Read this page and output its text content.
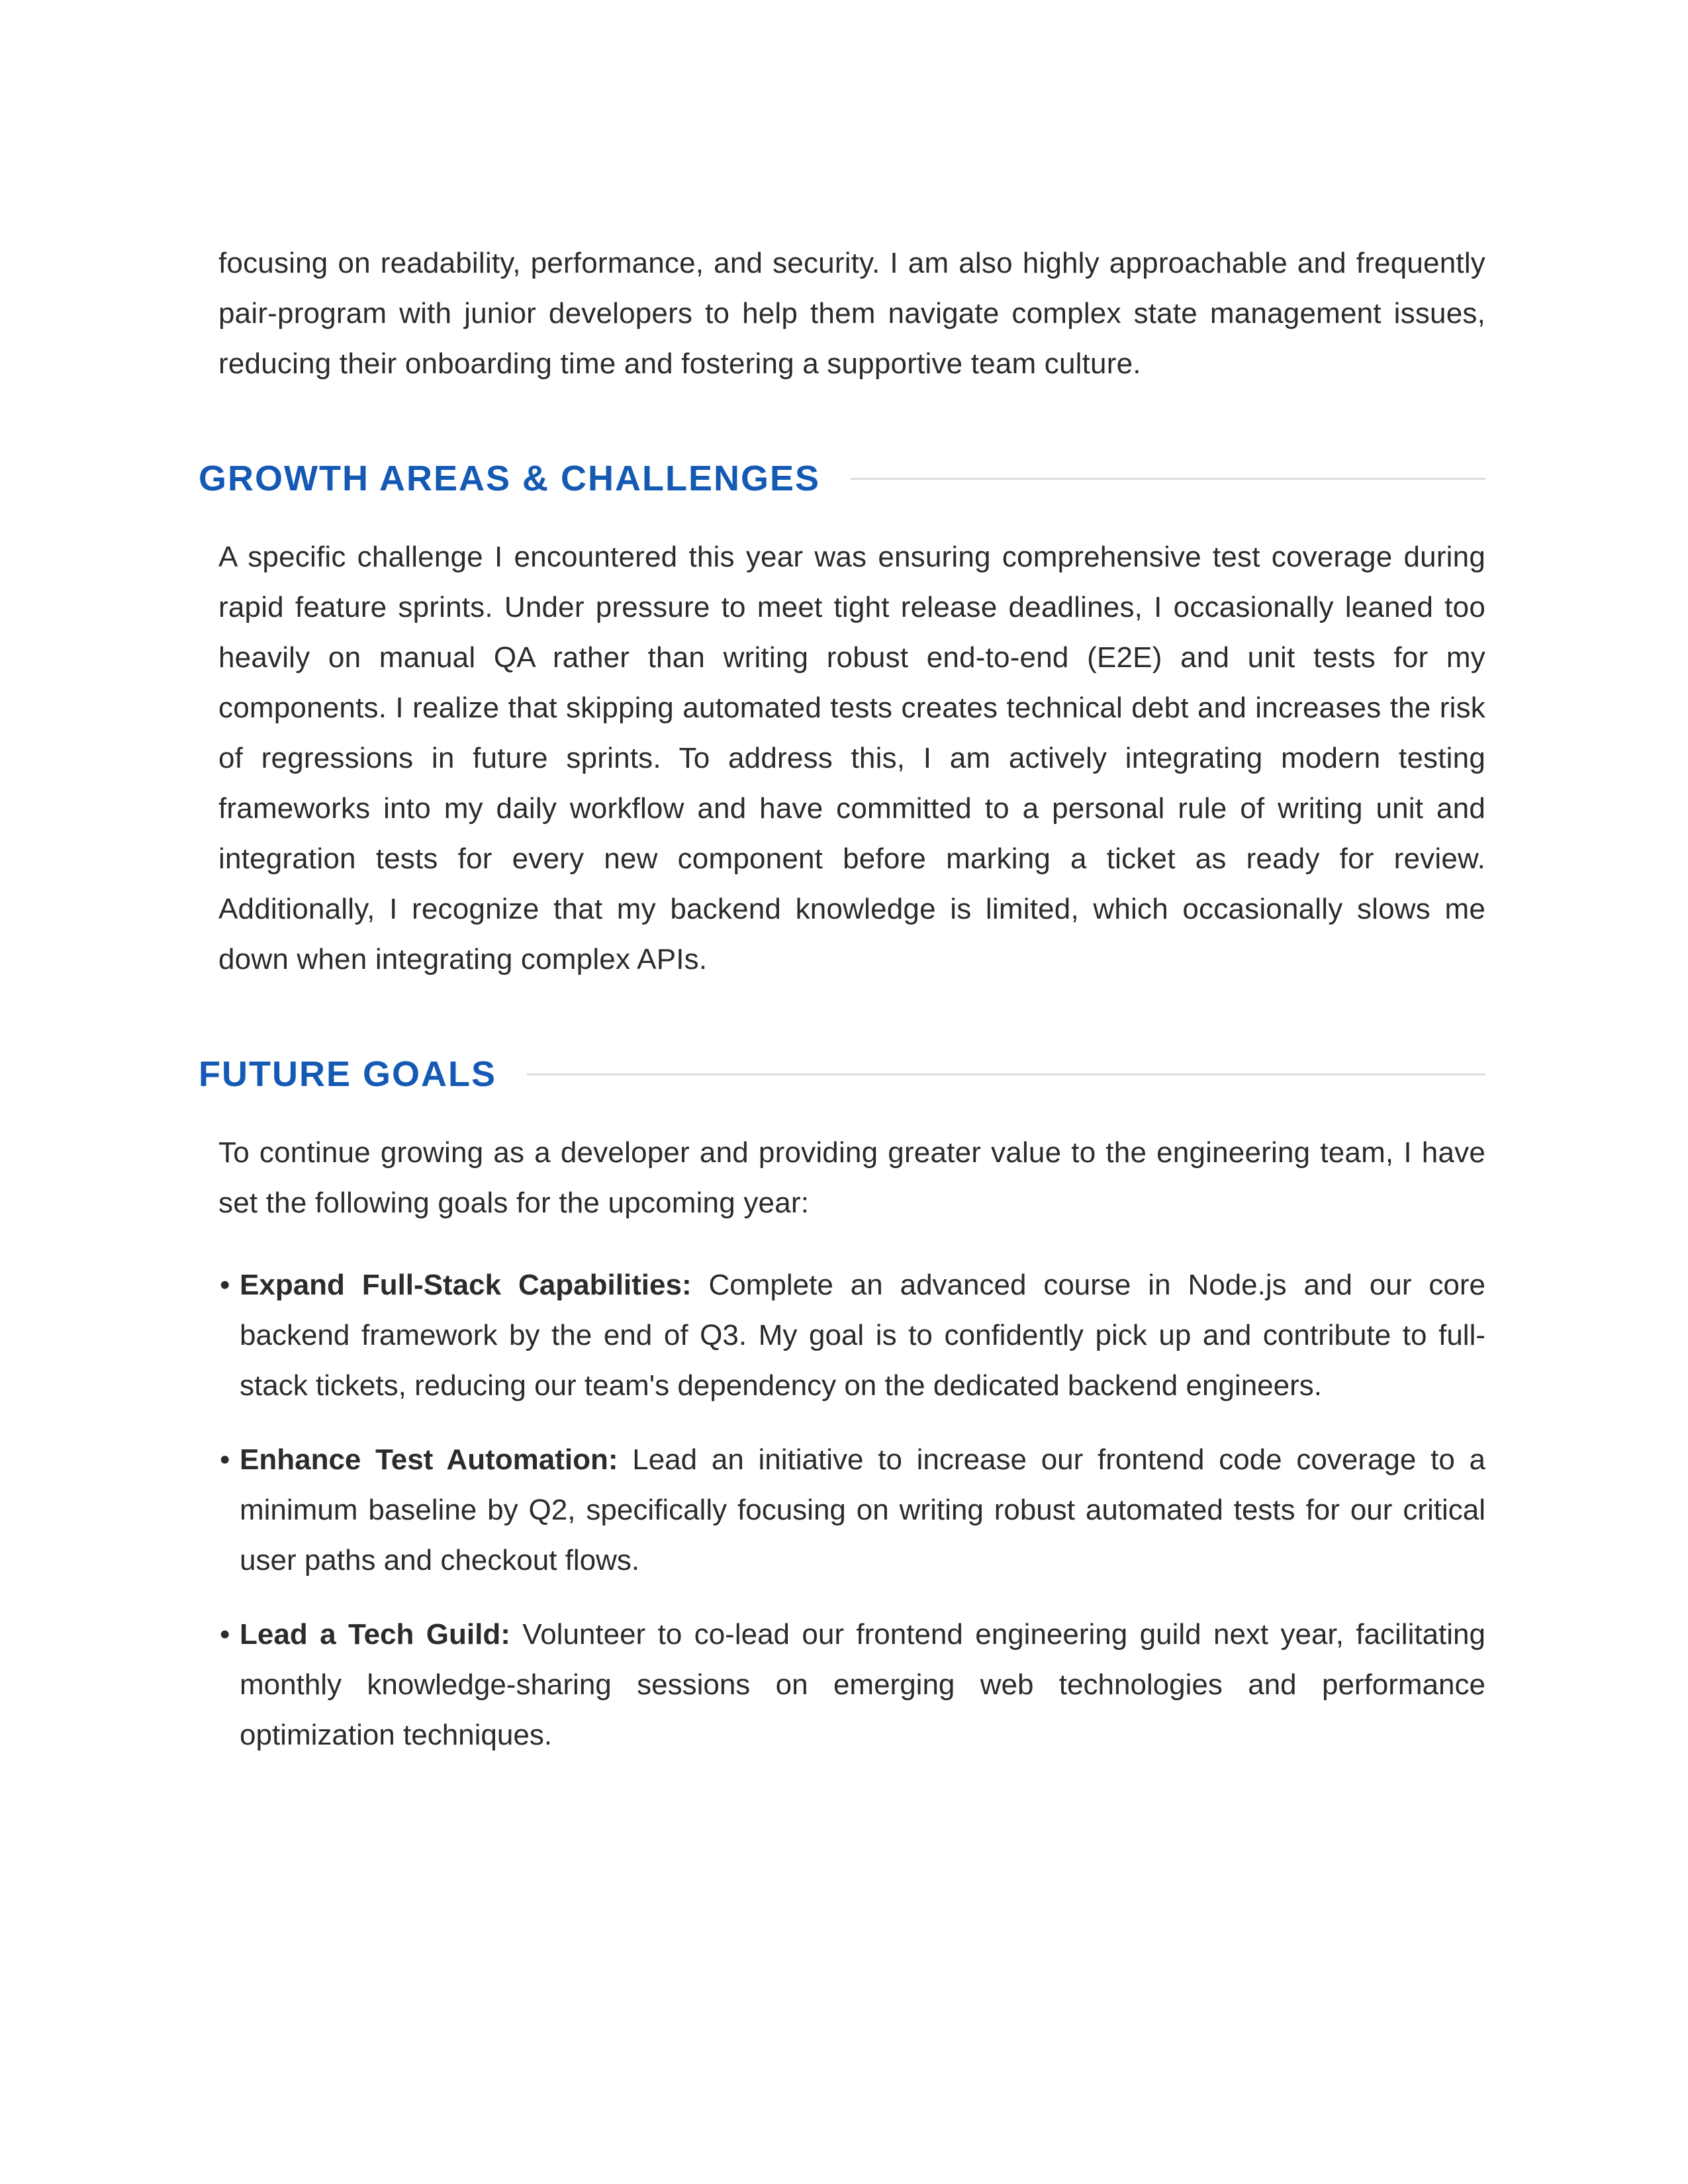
focusing on readability, performance, and security. I am also highly approachable and frequently pair-program with junior developers to help them navigate complex state management issues, reducing their onboarding time and fostering a supportive team culture.

GROWTH AREAS & CHALLENGES

A specific challenge I encountered this year was ensuring comprehensive test coverage during rapid feature sprints. Under pressure to meet tight release deadlines, I occasionally leaned too heavily on manual QA rather than writing robust end-to-end (E2E) and unit tests for my components. I realize that skipping automated tests creates technical debt and increases the risk of regressions in future sprints. To address this, I am actively integrating modern testing frameworks into my daily workflow and have committed to a personal rule of writing unit and integration tests for every new component before marking a ticket as ready for review. Additionally, I recognize that my backend knowledge is limited, which occasionally slows me down when integrating complex APIs.

FUTURE GOALS

To continue growing as a developer and providing greater value to the engineering team, I have set the following goals for the upcoming year:

• Expand Full-Stack Capabilities: Complete an advanced course in Node.js and our core backend framework by the end of Q3. My goal is to confidently pick up and contribute to full-stack tickets, reducing our team's dependency on the dedicated backend engineers.
• Enhance Test Automation: Lead an initiative to increase our frontend code coverage to a minimum baseline by Q2, specifically focusing on writing robust automated tests for our critical user paths and checkout flows.
• Lead a Tech Guild: Volunteer to co-lead our frontend engineering guild next year, facilitating monthly knowledge-sharing sessions on emerging web technologies and performance optimization techniques.
